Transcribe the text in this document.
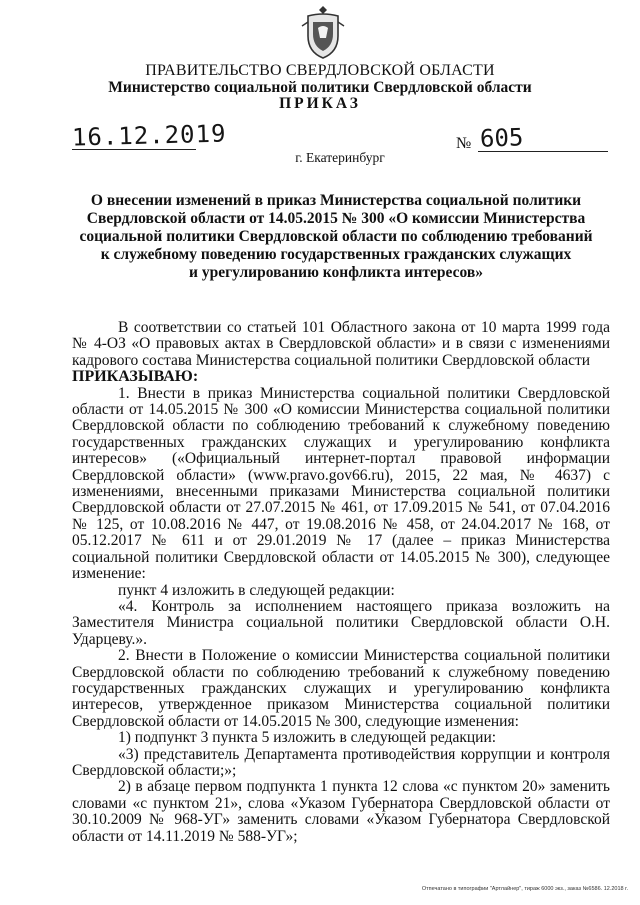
ПРАВИТЕЛЬСТВО СВЕРДЛОВСКОЙ ОБЛАСТИ
Министерство социальной политики Свердловской области
ПРИКАЗ
16.12.2019	№ 605
г. Екатеринбург
О внесении изменений в приказ Министерства социальной политики
Свердловской области от 14.05.2015 № 300 «О комиссии Министерства
социальной политики Свердловской области по соблюдению требований
к служебному поведению государственных гражданских служащих
и урегулированию конфликта интересов»

В соответствии со статьей 101 Областного закона от 10 марта 1999 года № 4-ОЗ «О правовых актах в Свердловской области» и в связи с изменениями кадрового состава Министерства социальной политики Свердловской области

ПРИКАЗЫВАЮ:

1. Внести в приказ Министерства социальной политики Свердловской области от 14.05.2015 № 300 «О комиссии Министерства социальной политики Свердловской области по соблюдению требований к служебному поведению государственных гражданских служащих и урегулированию конфликта интересов» («Официальный интернет-портал правовой информации Свердловской области» (www.pravo.gov66.ru), 2015, 22 мая, № 4637) с изменениями, внесенными приказами Министерства социальной политики Свердловской области от 27.07.2015 № 461, от 17.09.2015 № 541, от 07.04.2016 № 125, от 10.08.2016 № 447, от 19.08.2016 № 458, от 24.04.2017 № 168, от 05.12.2017 № 611 и от 29.01.2019 № 17 (далее – приказ Министерства социальной политики Свердловской области от 14.05.2015 № 300), следующее изменение:

пункт 4 изложить в следующей редакции:

«4. Контроль за исполнением настоящего приказа возложить на Заместителя Министра социальной политики Свердловской области О.Н. Ударцеву.».

2. Внести в Положение о комиссии Министерства социальной политики Свердловской области по соблюдению требований к служебному поведению государственных гражданских служащих и урегулированию конфликта интересов, утвержденное приказом Министерства социальной политики Свердловской области от 14.05.2015 № 300, следующие изменения:

1) подпункт 3 пункта 5 изложить в следующей редакции:

«3) представитель Департамента противодействия коррупции и контроля Свердловской области;»;

2) в абзаце первом подпункта 1 пункта 12 слова «с пунктом 20» заменить словами «с пунктом 21», слова «Указом Губернатора Свердловской области от 30.10.2009 № 968-УГ» заменить словами «Указом Губернатора Свердловской области от 14.11.2019 № 588-УГ»;

Отпечатано в типографии "Артлайнер", тираж 6000 экз., заказ №6586. 12.2018 г.
